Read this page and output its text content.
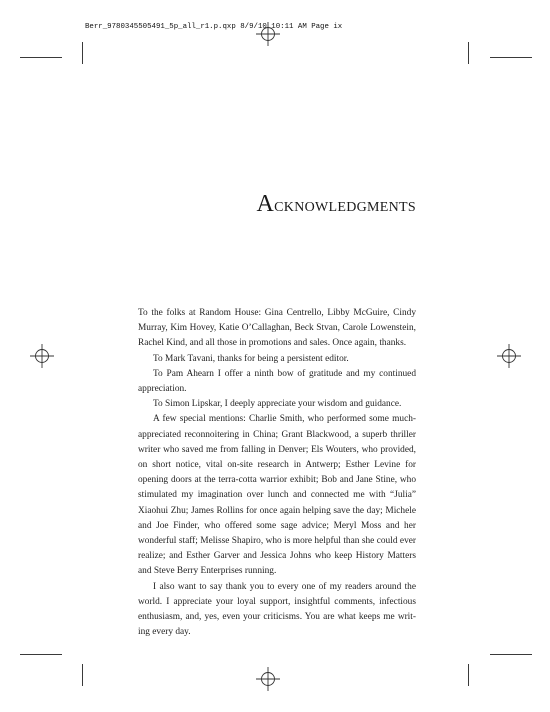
Berr_9780345505491_5p_all_r1.p.qxp 8/9/10 10:11 AM Page ix
Acknowledgments

To the folks at Random House: Gina Centrello, Libby McGuire, Cindy Murray, Kim Hovey, Katie O’Callaghan, Beck Stvan, Carole Lowenstein, Rachel Kind, and all those in promotions and sales. Once again, thanks.

To Mark Tavani, thanks for being a persistent editor.

To Pam Ahearn I offer a ninth bow of gratitude and my continued appreciation.

To Simon Lipskar, I deeply appreciate your wisdom and guidance.

A few special mentions: Charlie Smith, who performed some much-appreciated reconnoitering in China; Grant Blackwood, a superb thriller writer who saved me from falling in Denver; Els Wouters, who provided, on short notice, vital on-site research in Antwerp; Esther Levine for opening doors at the terra-cotta warrior exhibit; Bob and Jane Stine, who stimulated my imagination over lunch and connected me with “Julia” Xiaohui Zhu; James Rollins for once again helping save the day; Michele and Joe Finder, who offered some sage advice; Meryl Moss and her wonderful staff; Melisse Shapiro, who is more helpful than she could ever realize; and Esther Garver and Jessica Johns who keep History Matters and Steve Berry Enterprises running.

I also want to say thank you to every one of my readers around the world. I appreciate your loyal support, insightful comments, infectious enthusiasm, and, yes, even your criticisms. You are what keeps me writing every day.
